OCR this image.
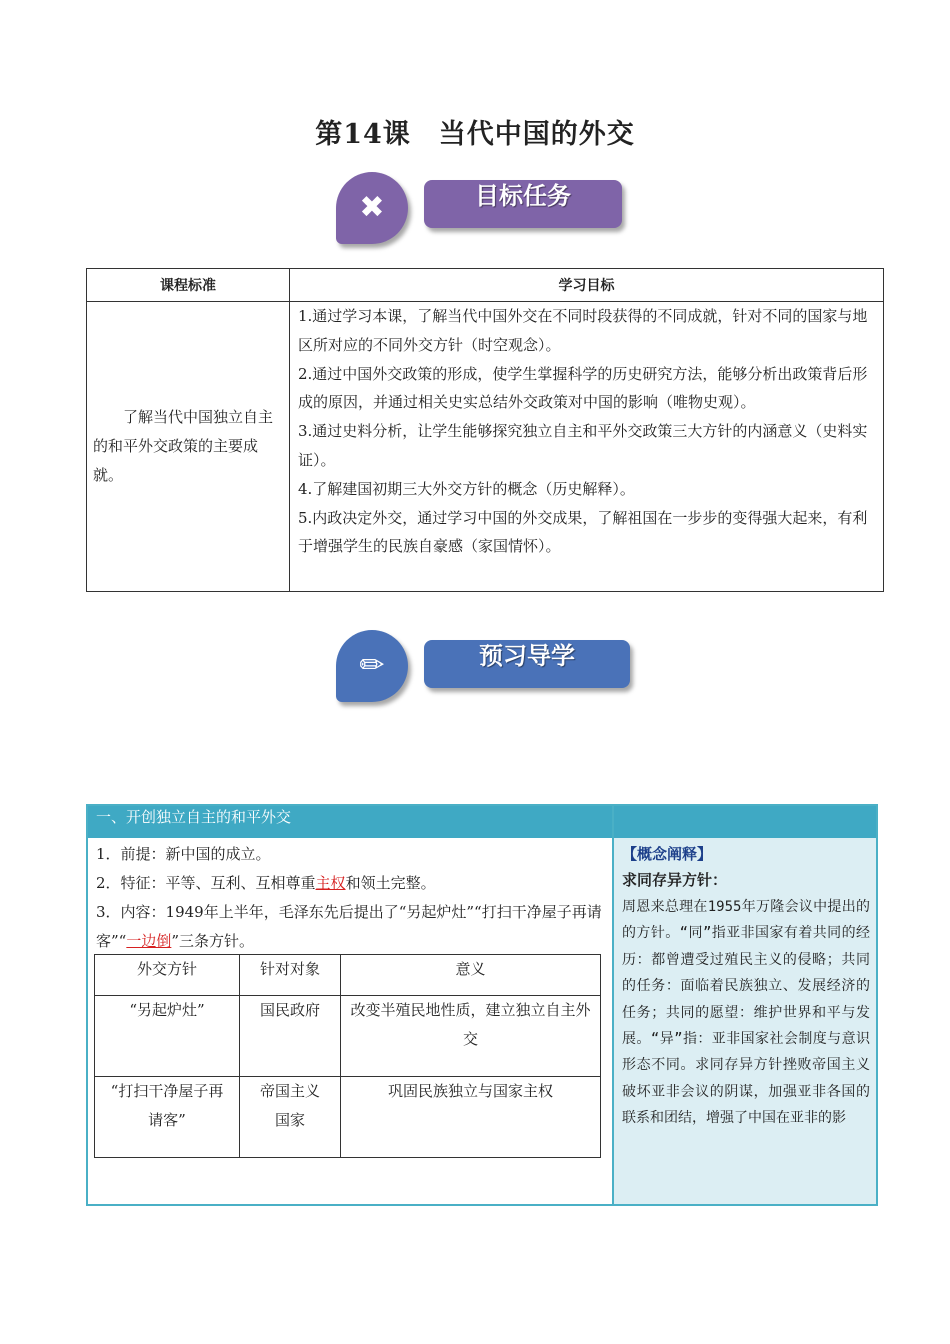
第14课　当代中国的外交
✖	目标任务
课程标准	学习目标
了解当代中国独立自主的和平外交政策的主要成就。	1.通过学习本课，了解当代中国外交在不同时段获得的不同成就，针对不同的国家与地区所对应的不同外交方针（时空观念）。

2.通过中国外交政策的形成，使学生掌握科学的历史研究方法，能够分析出政策背后形成的原因，并通过相关史实总结外交政策对中国的影响（唯物史观）。

3.通过史料分析，让学生能够探究独立自主和平外交政策三大方针的内涵意义（史料实证）。

4.了解建国初期三大外交方针的概念（历史解释）。

5.内政决定外交，通过学习中国的外交成果，了解祖国在一步步的变得强大起来，有利于增强学生的民族自豪感（家国情怀）。

✏	预习导学
一、开创独立自主的和平外交

1．前提：新中国的成立。

2．特征：平等、互利、互相尊重主权和领土完整。

3．内容：1949年上半年，毛泽东先后提出了“另起炉灶”“打扫干净屋子再请客”“一边倒”三条方针。

外交方针	针对对象	意义
“另起炉灶”	国民政府	改变半殖民地性质，建立独立自主外交
“打扫干净屋子再请客”	帝国主义国家	巩固民族独立与国家主权
【概念阐释】
求同存异方针：
周恩来总理在1955年万隆会议中提出的的方针。“同”指亚非国家有着共同的经历：都曾遭受过殖民主义的侵略；共同的任务：面临着民族独立、发展经济的任务；共同的愿望：维护世界和平与发展。“异”指：亚非国家社会制度与意识形态不同。求同存异方针挫败帝国主义破坏亚非会议的阴谋，加强亚非各国的联系和团结，增强了中国在亚非的影
